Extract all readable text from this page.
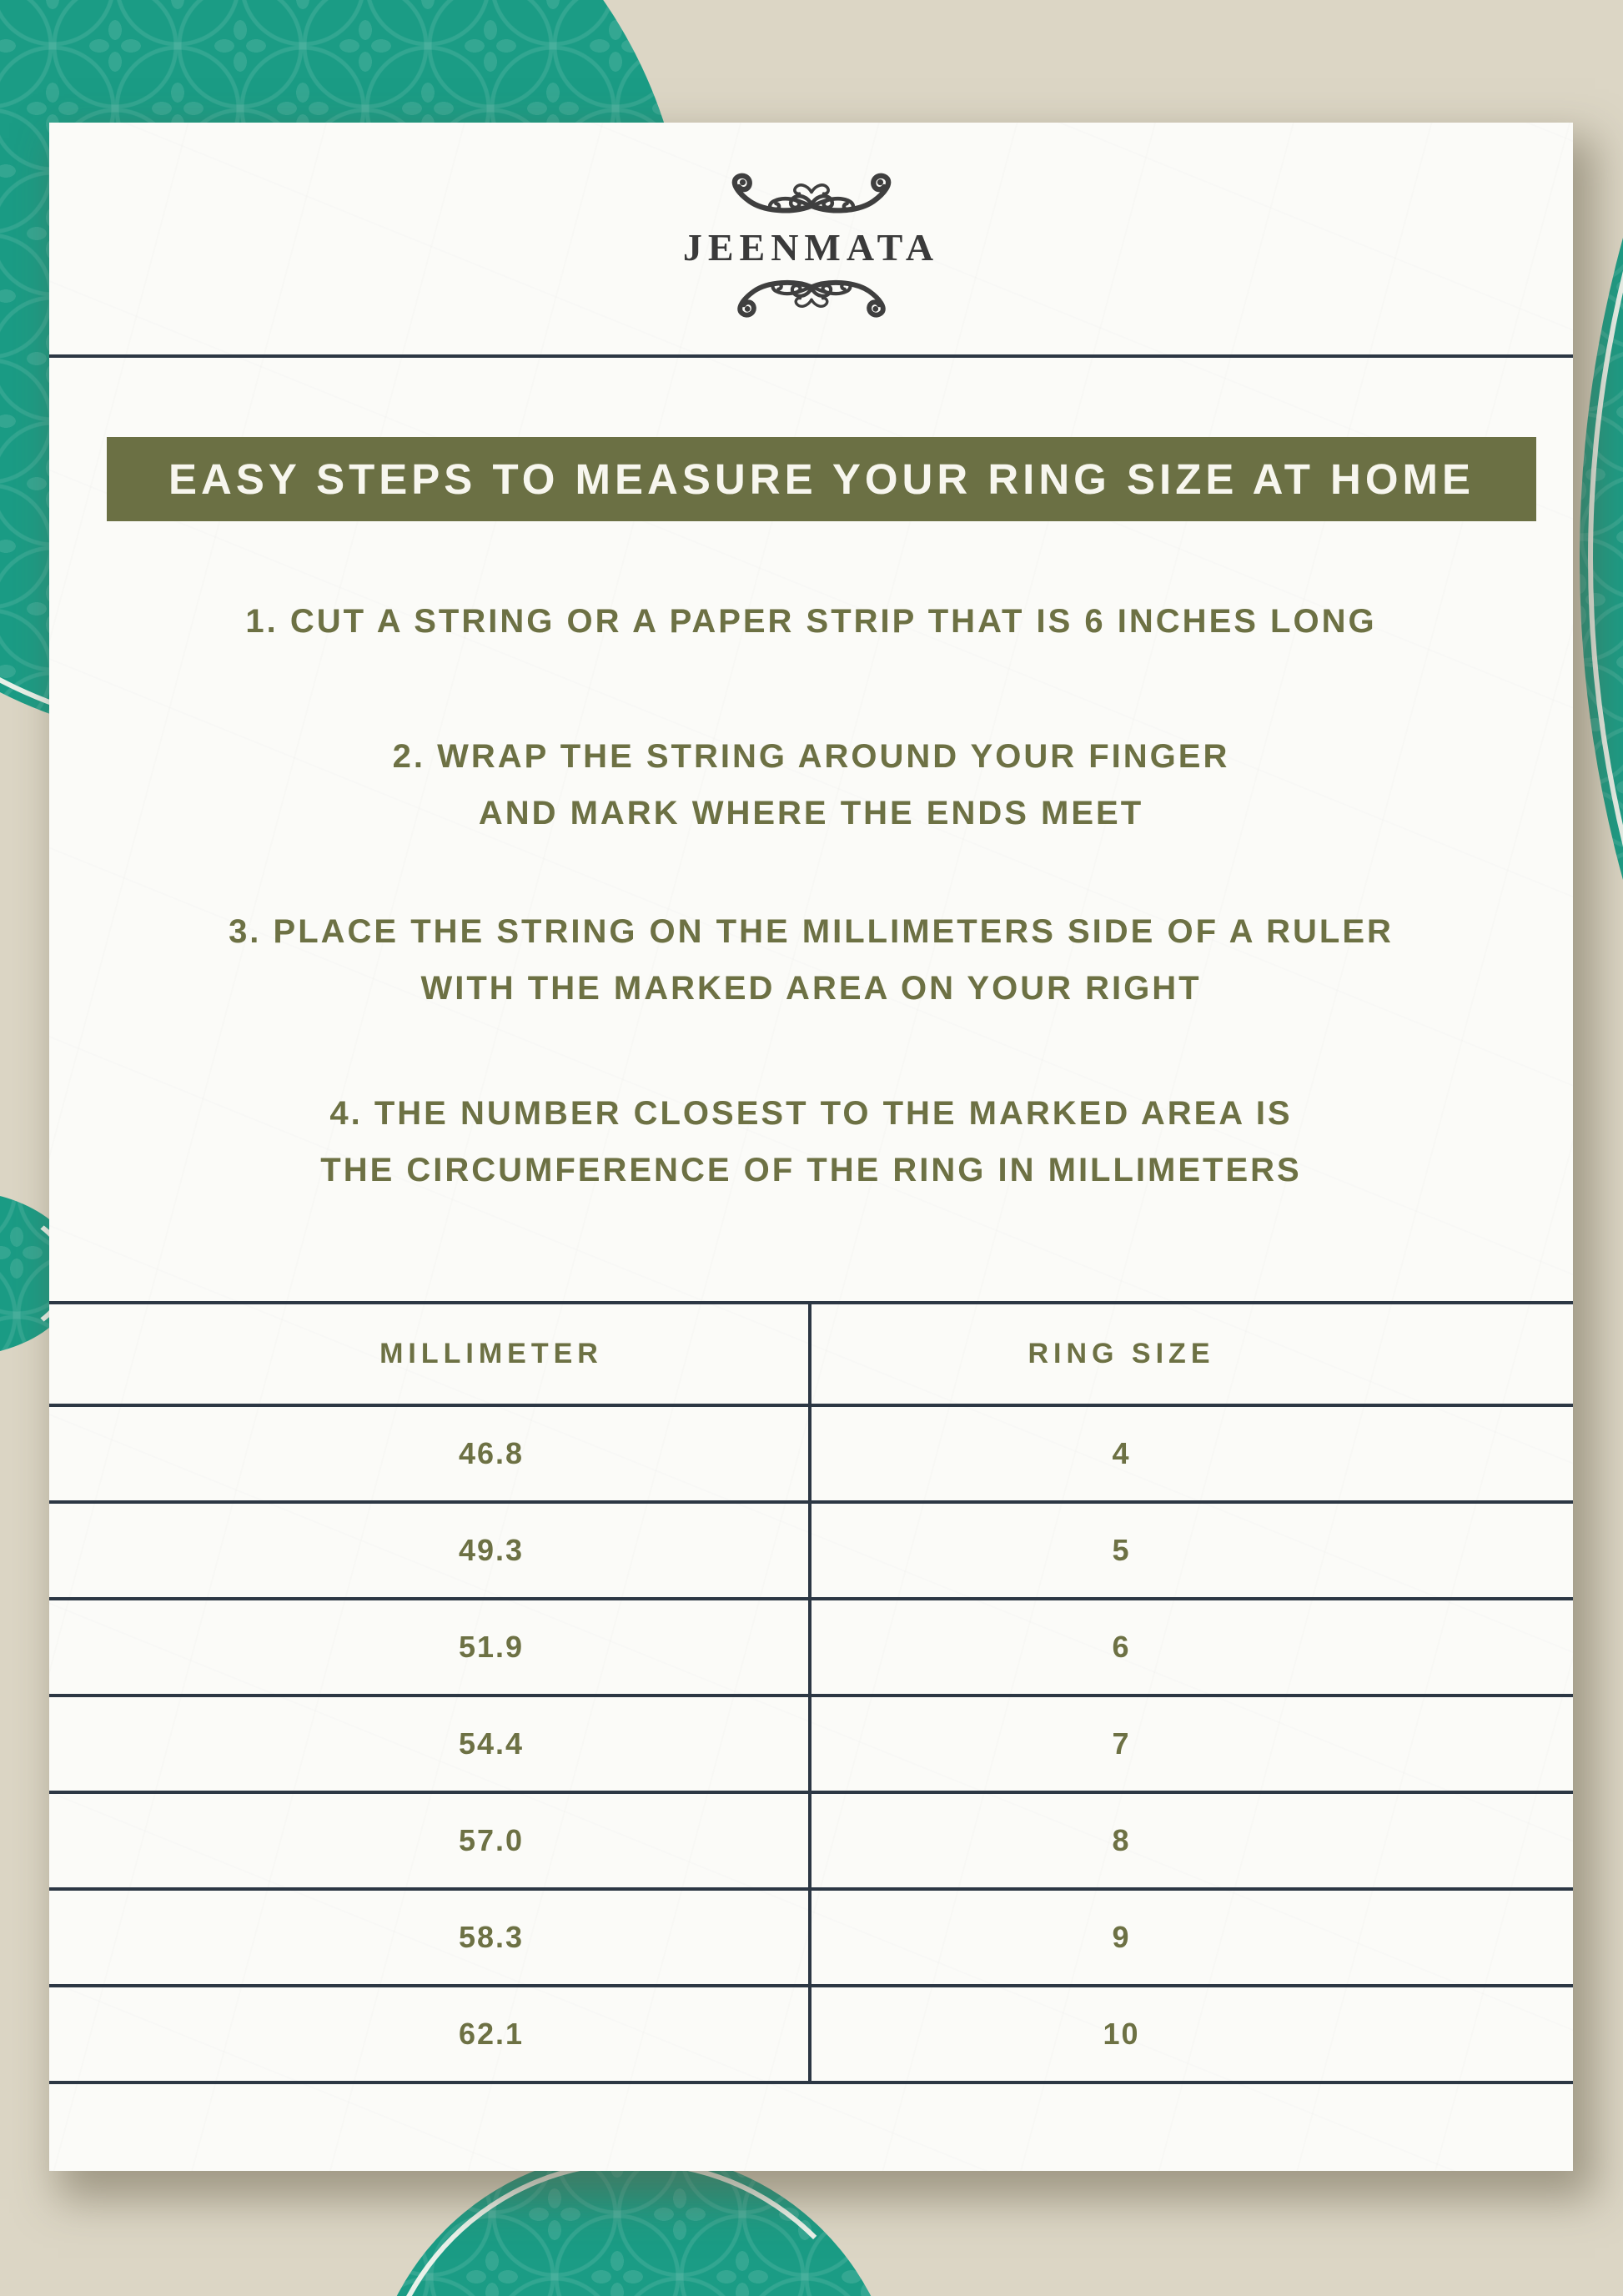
JEENMATA
EASY STEPS TO MEASURE YOUR RING SIZE AT HOME
1. CUT A STRING OR A PAPER STRIP THAT IS 6 INCHES LONG
2. WRAP THE STRING AROUND YOUR FINGER
AND MARK WHERE THE ENDS MEET
3. PLACE THE STRING ON THE MILLIMETERS SIDE OF A RULER
WITH THE MARKED AREA ON YOUR RIGHT
4. THE NUMBER CLOSEST TO THE MARKED AREA IS
THE CIRCUMFERENCE OF THE RING IN MILLIMETERS
MILLIMETER	RING SIZE
46.8	4
49.3	5
51.9	6
54.4	7
57.0	8
58.3	9
62.1	10
